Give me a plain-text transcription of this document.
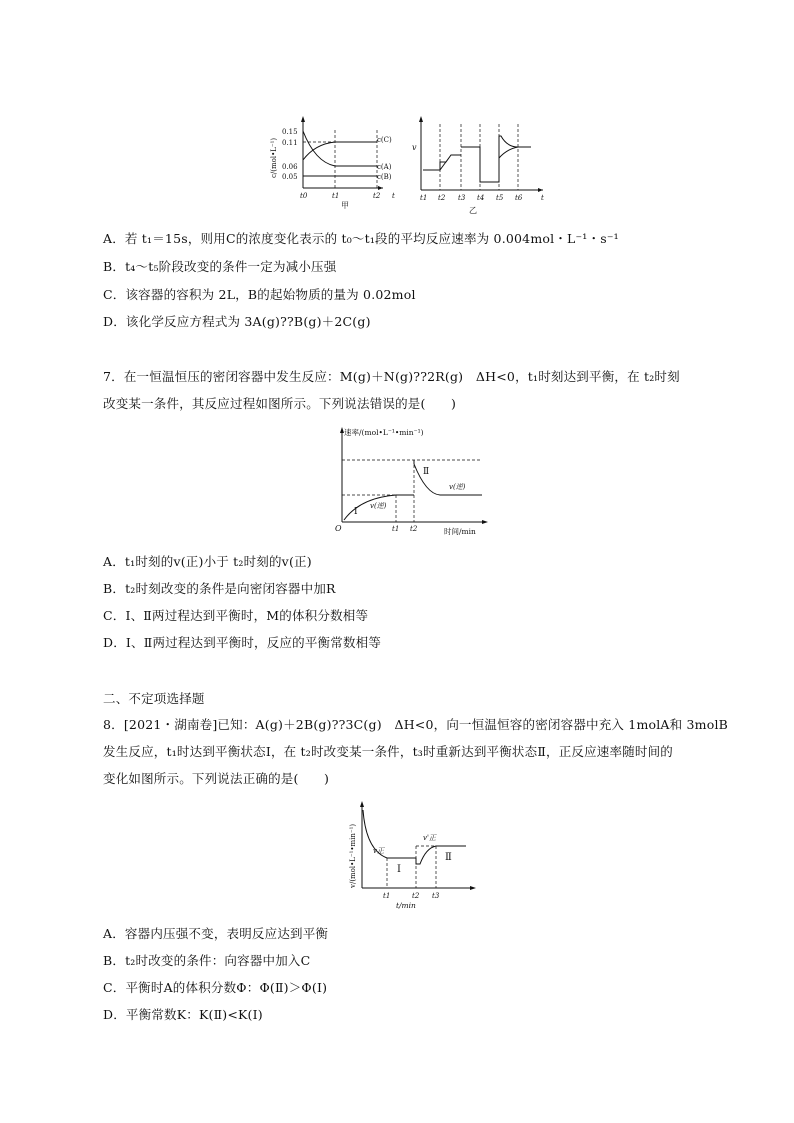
c/(mol•L⁻¹)
0.15
0.11
0.06
0.05
c(C)
c(A)
c(B)
t0	t1	t2 t
甲
v
t1 t2 t3 t4 t5 t6	t
乙
A．若 t₁＝15s，则用C的浓度变化表示的 t₀～t₁段的平均反应速率为 0.004mol・L⁻¹・s⁻¹
B．t₄～t₅阶段改变的条件一定为减小压强
C．该容器的容积为 2L，B的起始物质的量为 0.02mol
D．该化学反应方程式为 3A(g)??B(g)＋2C(g)
7．在一恒温恒压的密闭容器中发生反应：M(g)＋N(g)??2R(g)　ΔH<0，t₁时刻达到平衡，在 t₂时刻
改变某一条件，其反应过程如图所示。下列说法错误的是(　　)
速率/(mol•L⁻¹•min⁻¹)
Ⅰ
Ⅱ
v(逆)
v(逆)
O	t1 t2	时间/min
A．t₁时刻的v(正)小于 t₂时刻的v(正)
B．t₂时刻改变的条件是向密闭容器中加R
C．Ⅰ、Ⅱ两过程达到平衡时，M的体积分数相等
D．Ⅰ、Ⅱ两过程达到平衡时，反应的平衡常数相等
二、不定项选择题
8．[2021・湖南卷]已知：A(g)＋2B(g)??3C(g)　ΔH<0，向一恒温恒容的密闭容器中充入 1molA和 3molB
发生反应，t₁时达到平衡状态Ⅰ，在 t₂时改变某一条件，t₃时重新达到平衡状态Ⅱ，正反应速率随时间的
变化如图所示。下列说法正确的是(　　)
v/(mol•L⁻¹•min⁻¹) v正
v'正
Ⅰ
Ⅱ
t1	t2 t3
t/min
A．容器内压强不变，表明反应达到平衡
B．t₂时改变的条件：向容器中加入C
C．平衡时A的体积分数Φ：Φ(Ⅱ)＞Φ(Ⅰ)
D．平衡常数K：K(Ⅱ)<K(Ⅰ)
